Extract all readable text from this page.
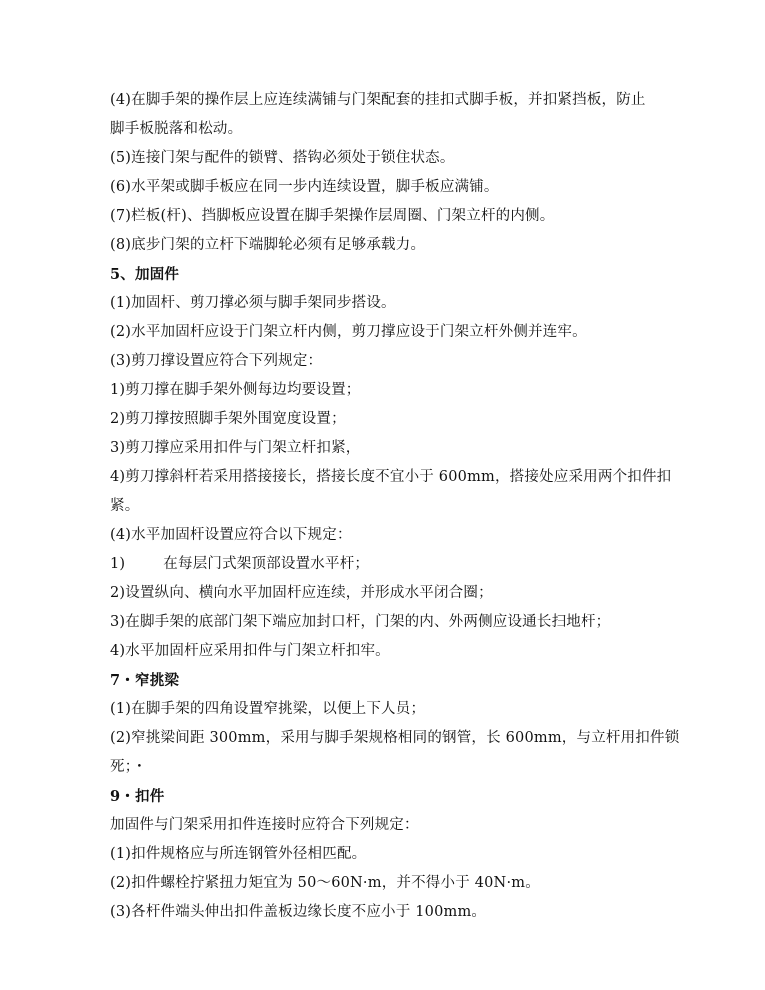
(4)在脚手架的操作层上应连续满铺与门架配套的挂扣式脚手板，并扣紧挡板，防止
脚手板脱落和松动。
(5)连接门架与配件的锁臂、搭钩必须处于锁住状态。
(6)水平架或脚手板应在同一步内连续设置，脚手板应满铺。
(7)栏板(杆)、挡脚板应设置在脚手架操作层周圈、门架立杆的内侧。
(8)底步门架的立杆下端脚轮必须有足够承载力。
5、加固件
(1)加固杆、剪刀撑必须与脚手架同步搭设。
(2)水平加固杆应设于门架立杆内侧，剪刀撑应设于门架立杆外侧并连牢。
(3)剪刀撑设置应符合下列规定：
1)剪刀撑在脚手架外侧每边均要设置；
2)剪刀撑按照脚手架外围宽度设置；
3)剪刀撑应采用扣件与门架立杆扣紧，
4)剪刀撑斜杆若采用搭接接长，搭接长度不宜小于 600mm，搭接处应采用两个扣件扣
紧。
(4)水平加固杆设置应符合以下规定：
1)	在每层门式架顶部设置水平杆；
2)设置纵向、横向水平加固杆应连续，并形成水平闭合圈；
3)在脚手架的底部门架下端应加封口杆，门架的内、外两侧应设通长扫地杆；
4)水平加固杆应采用扣件与门架立杆扣牢。
7・窄挑梁
(1)在脚手架的四角设置窄挑梁，以便上下人员；
(2)窄挑梁间距 300mm，采用与脚手架规格相同的钢管，长 600mm，与立杆用扣件锁
死；・
9・扣件
加固件与门架采用扣件连接时应符合下列规定：
(1)扣件规格应与所连钢管外径相匹配。
(2)扣件螺栓拧紧扭力矩宜为 50～60N·m，并不得小于 40N·m。
(3)各杆件端头伸出扣件盖板边缘长度不应小于 100mm。
